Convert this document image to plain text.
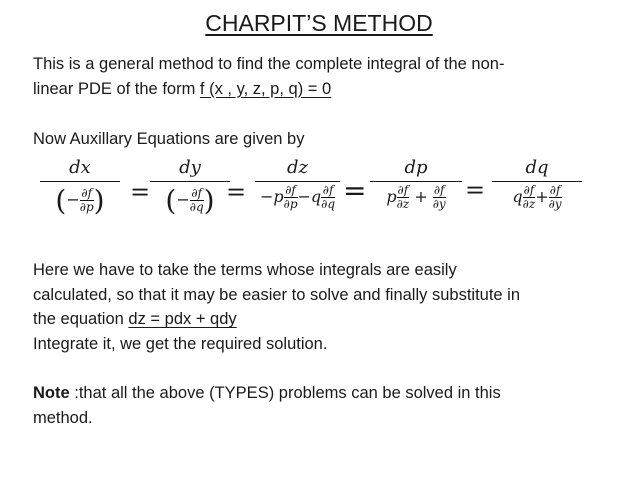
CHARPIT’S METHOD
This is a general method to find the complete integral of the non-
linear PDE of the form f (x , y, z, p, q) = 0
Now Auxillary Equations are given by
dx
(− $\frac{\partial f}{\partial p}$ )	=
dy
(− $\frac{\partial f}{\partial q}$ ) =
dz
$-p \frac{\partial f}{\partial p} -q \frac{\partial f}{\partial q}$ =
dp
p $\frac{\partial f}{\partial z} + \frac{\partial f}{\partial y}$ =
dq
q $\frac{\partial f}{\partial z} + \frac{\partial f}{\partial y}$
Here we have to take the terms whose integrals are easily
calculated, so that it may be easier to solve and finally substitute in
the equation dz = pdx + qdy
Integrate it, we get the required solution.
Note :that all the above (TYPES) problems can be solved in this
method.
